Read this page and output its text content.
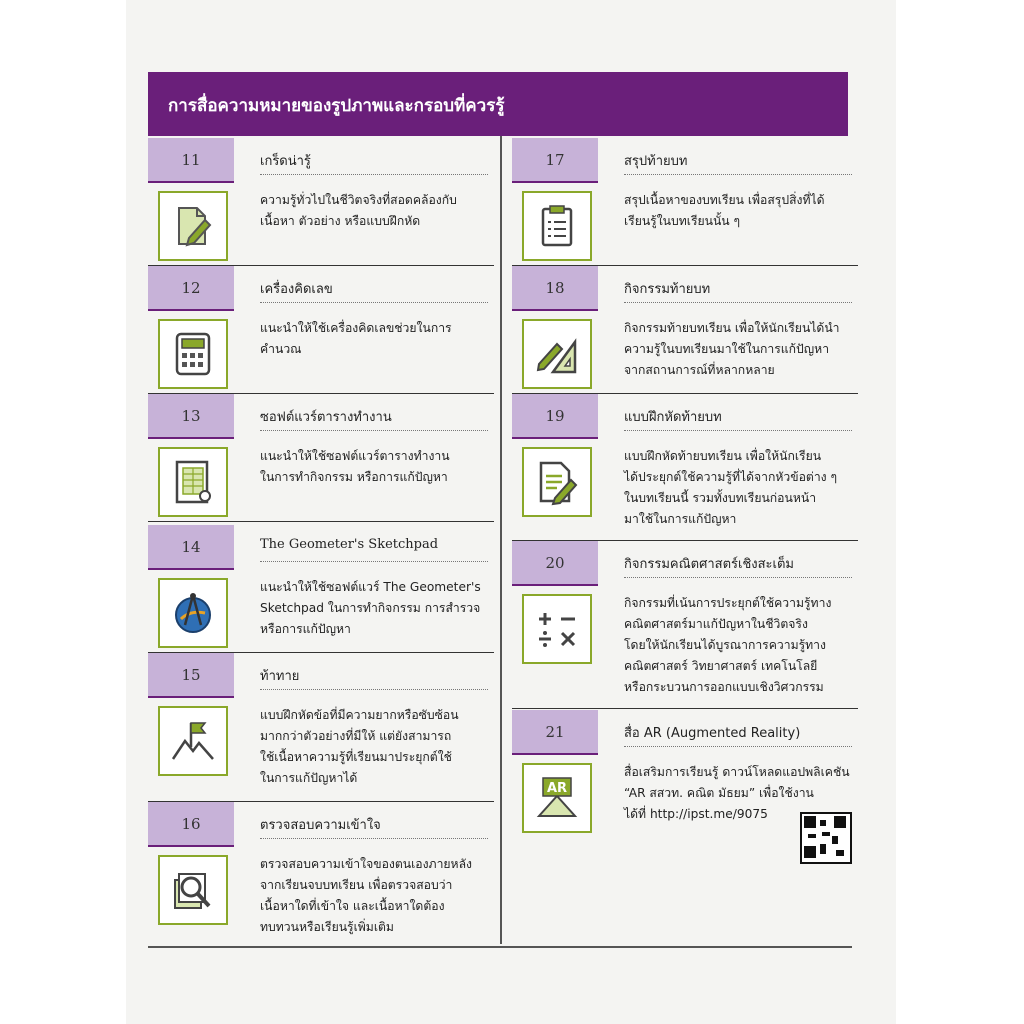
การสื่อความหมายของรูปภาพและกรอบที่ควรรู้
11	เกร็ดน่ารู้
ความรู้ทั่วไปในชีวิตจริงที่สอดคล้องกับ
เนื้อหา ตัวอย่าง หรือแบบฝึกหัด
12	เครื่องคิดเลข
แนะนำให้ใช้เครื่องคิดเลขช่วยในการ
คำนวณ
13	ซอฟต์แวร์ตารางทำงาน
แนะนำให้ใช้ซอฟต์แวร์ตารางทำงาน
ในการทำกิจกรรม หรือการแก้ปัญหา
14	The Geometer's Sketchpad
แนะนำให้ใช้ซอฟต์แวร์ The Geometer's
Sketchpad ในการทำกิจกรรม การสำรวจ
หรือการแก้ปัญหา
15	ท้าทาย
แบบฝึกหัดข้อที่มีความยากหรือซับซ้อน
มากกว่าตัวอย่างที่มีให้ แต่ยังสามารถ
ใช้เนื้อหาความรู้ที่เรียนมาประยุกต์ใช้
ในการแก้ปัญหาได้
16	ตรวจสอบความเข้าใจ
ตรวจสอบความเข้าใจของตนเองภายหลัง
จากเรียนจบบทเรียน เพื่อตรวจสอบว่า
เนื้อหาใดที่เข้าใจ และเนื้อหาใดต้อง
ทบทวนหรือเรียนรู้เพิ่มเติม
17	สรุปท้ายบท
สรุปเนื้อหาของบทเรียน เพื่อสรุปสิ่งที่ได้
เรียนรู้ในบทเรียนนั้น ๆ
18	กิจกรรมท้ายบท
กิจกรรมท้ายบทเรียน เพื่อให้นักเรียนได้นำ
ความรู้ในบทเรียนมาใช้ในการแก้ปัญหา
จากสถานการณ์ที่หลากหลาย
19	แบบฝึกหัดท้ายบท
แบบฝึกหัดท้ายบทเรียน เพื่อให้นักเรียน
ได้ประยุกต์ใช้ความรู้ที่ได้จากหัวข้อต่าง ๆ
ในบทเรียนนี้ รวมทั้งบทเรียนก่อนหน้า
มาใช้ในการแก้ปัญหา
20	กิจกรรมคณิตศาสตร์เชิงสะเต็ม
กิจกรรมที่เน้นการประยุกต์ใช้ความรู้ทาง
คณิตศาสตร์มาแก้ปัญหาในชีวิตจริง
โดยให้นักเรียนได้บูรณาการความรู้ทาง
คณิตศาสตร์ วิทยาศาสตร์ เทคโนโลยี
หรือกระบวนการออกแบบเชิงวิศวกรรม
21	สื่อ AR (Augmented Reality)
AR
สื่อเสริมการเรียนรู้ ดาวน์โหลดแอปพลิเคชัน
“AR สสวท. คณิต มัธยม” เพื่อใช้งาน
ได้ที่ http://ipst.me/9075
